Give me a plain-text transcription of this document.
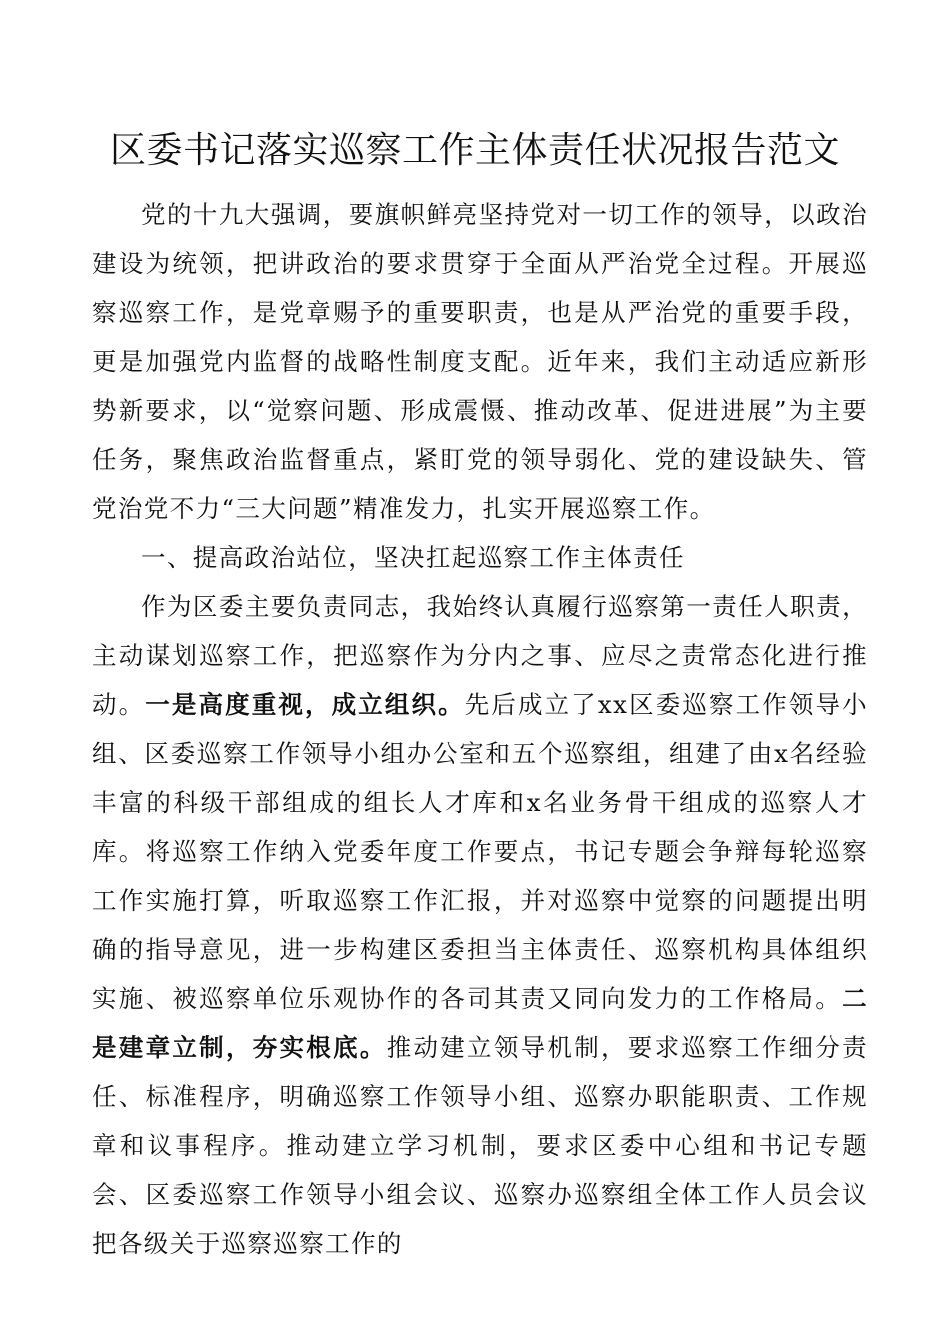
区委书记落实巡察工作主体责任状况报告范文

党的十九大强调，要旗帜鲜亮坚持党对一切工作的领导，以政治建设为统领，把讲政治的要求贯穿于全面从严治党全过程。开展巡察巡察工作，是党章赐予的重要职责，也是从严治党的重要手段，更是加强党内监督的战略性制度支配。近年来，我们主动适应新形势新要求，以“觉察问题、形成震慑、推动改革、促进进展”为主要任务，聚焦政治监督重点，紧盯党的领导弱化、党的建设缺失、管党治党不力“三大问题”精准发力，扎实开展巡察工作。

一、提高政治站位，坚决扛起巡察工作主体责任

作为区委主要负责同志，我始终认真履行巡察第一责任人职责，主动谋划巡察工作，把巡察作为分内之事、应尽之责常态化进行推动。一是高度重视，成立组织。先后成立了xx区委巡察工作领导小组、区委巡察工作领导小组办公室和五个巡察组，组建了由x名经验丰富的科级干部组成的组长人才库和x名业务骨干组成的巡察人才库。将巡察工作纳入党委年度工作要点，书记专题会争辩每轮巡察工作实施打算，听取巡察工作汇报，并对巡察中觉察的问题提出明确的指导意见，进一步构建区委担当主体责任、巡察机构具体组织实施、被巡察单位乐观协作的各司其责又同向发力的工作格局。二是建章立制，夯实根底。推动建立领导机制，要求巡察工作细分责任、标准程序，明确巡察工作领导小组、巡察办职能职责、工作规章和议事程序。推动建立学习机制，要求区委中心组和书记专题会、区委巡察工作领导小组会议、巡察办巡察组全体工作人员会议把各级关于巡察巡察工作的
